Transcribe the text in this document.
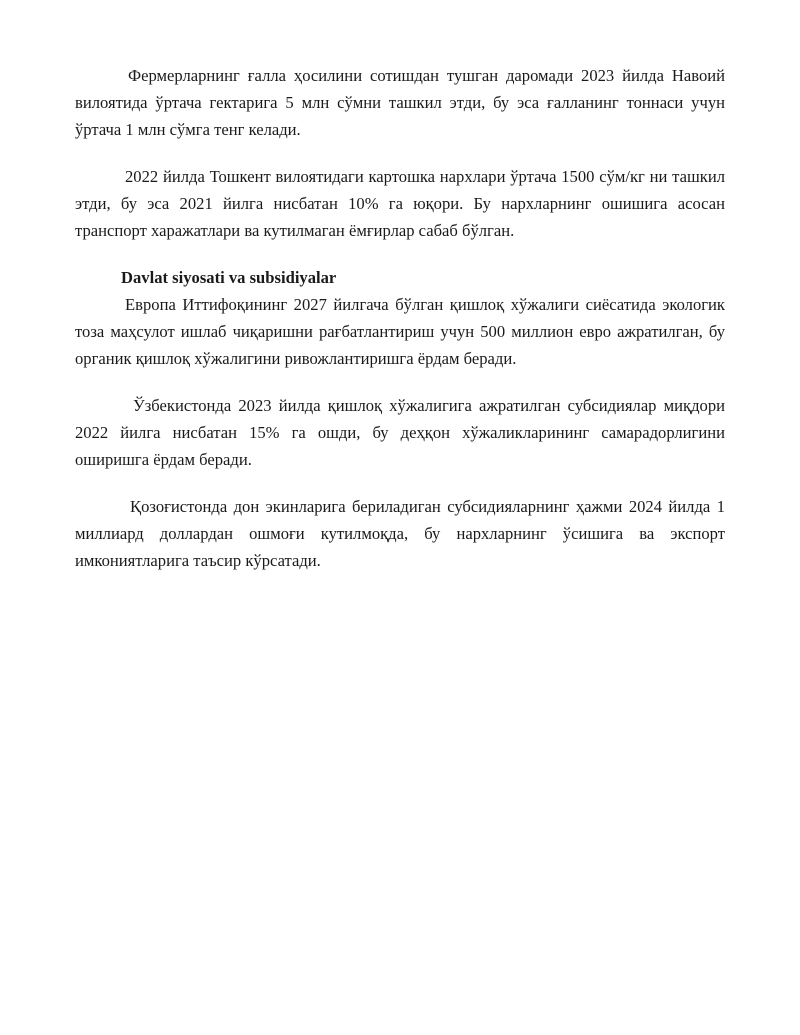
Фермерларнинг ғалла ҳосилини сотишдан тушган даромади 2023 йилда Навоий вилоятида ўртача гектарига 5 млн сўмни ташкил этди, бу эса ғалланинг тоннаси учун ўртача 1 млн сўмга тенг келади.

2022 йилда Тошкент вилоятидаги картошка нархлари ўртача 1500 сўм/кг ни ташкил этди, бу эса 2021 йилга нисбатан 10% га юқори. Бу нархларнинг ошишига асосан транспорт харажатлари ва кутилмаган ёмғирлар сабаб бўлган.

Davlat siyosati va subsidiyalar

Европа Иттифоқининг 2027 йилгача бўлган қишлоқ хўжалиги сиёсатида экологик тоза маҳсулот ишлаб чиқаришни рағбатлантириш учун 500 миллион евро ажратилган, бу органик қишлоқ хўжалигини ривожлантиришга ёрдам беради.

Ўзбекистонда 2023 йилда қишлоқ хўжалигига ажратилган субсидиялар миқдори 2022 йилга нисбатан 15% га ошди, бу деҳқон хўжаликларининг самарадорлигини оширишга ёрдам беради.

Қозоғистонда дон экинларига бериладиган субсидияларнинг ҳажми 2024 йилда 1 миллиард доллардан ошмоғи кутилмоқда, бу нархларнинг ўсишига ва экспорт имкониятларига таъсир кўрсатади.
